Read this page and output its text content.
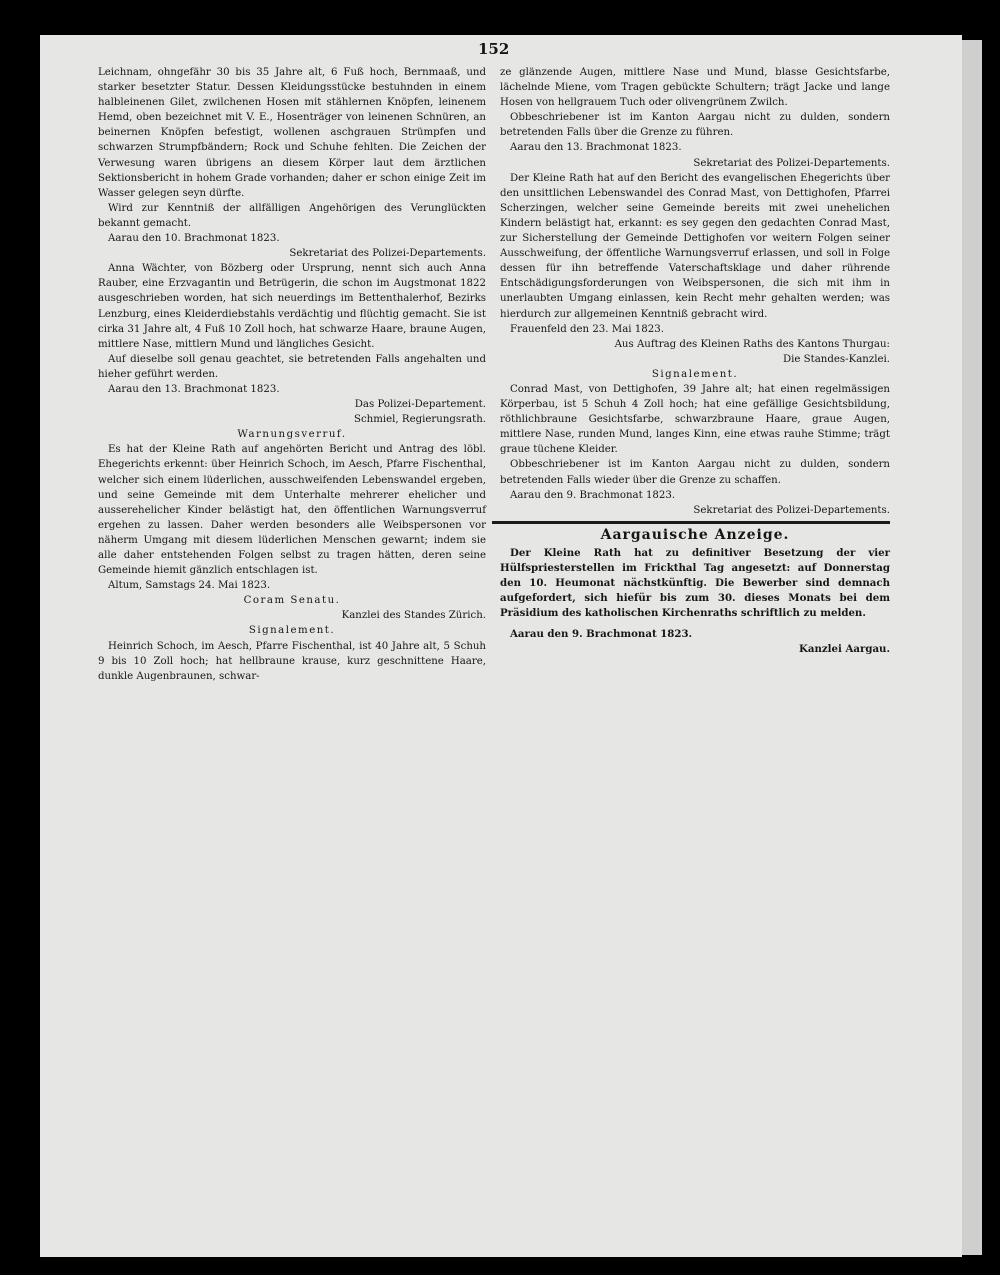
152

Leichnam, ohngefähr 30 bis 35 Jahre alt, 6 Fuß hoch, Bernmaaß, und starker besetzter Statur. Dessen Kleidungsstücke bestuhnden in einem halbleinenen Gilet, zwilchenen Hosen mit stählernen Knöpfen, leinenem Hemd, oben bezeichnet mit V. E., Hosenträger von leinenen Schnüren, an beinernen Knöpfen befestigt, wollenen aschgrauen Strümpfen und schwarzen Strumpfbändern; Rock und Schuhe fehlten. Die Zeichen der Verwesung waren übrigens an diesem Körper laut dem ärztlichen Sektionsbericht in hohem Grade vorhanden; daher er schon einige Zeit im Wasser gelegen seyn dürfte.

Wird zur Kenntniß der allfälligen Angehörigen des Verunglückten bekannt gemacht.

Aarau den 10. Brachmonat 1823.

Sekretariat des Polizei-Departements.

Anna Wächter, von Bözberg oder Ursprung, nennt sich auch Anna Rauber, eine Erzvagantin und Betrügerin, die schon im Augstmonat 1822 ausgeschrieben worden, hat sich neuerdings im Bettenthalerhof, Bezirks Lenzburg, eines Kleiderdiebstahls verdächtig und flüchtig gemacht. Sie ist cirka 31 Jahre alt, 4 Fuß 10 Zoll hoch, hat schwarze Haare, braune Augen, mittlere Nase, mittlern Mund und längliches Gesicht.

Auf dieselbe soll genau geachtet, sie betretenden Falls angehalten und hieher geführt werden.

Aarau den 13. Brachmonat 1823.

Das Polizei-Departement.

Schmiel, Regierungsrath.

Warnungsverruf.

Es hat der Kleine Rath auf angehörten Bericht und Antrag des löbl. Ehegerichts erkennt: über Heinrich Schoch, im Aesch, Pfarre Fischenthal, welcher sich einem lüderlichen, ausschweifenden Lebenswandel ergeben, und seine Gemeinde mit dem Unterhalte mehrerer ehelicher und ausserehelicher Kinder belästigt hat, den öffentlichen Warnungsverruf ergehen zu lassen. Daher werden besonders alle Weibspersonen vor näherm Umgang mit diesem lüderlichen Menschen gewarnt; indem sie alle daher entstehenden Folgen selbst zu tragen hätten, deren seine Gemeinde hiemit gänzlich entschlagen ist.

Altum, Samstags 24. Mai 1823.

Coram Senatu.

Kanzlei des Standes Zürich.

Signalement.

Heinrich Schoch, im Aesch, Pfarre Fischenthal, ist 40 Jahre alt, 5 Schuh 9 bis 10 Zoll hoch; hat hellbraune krause, kurz geschnittene Haare, dunkle Augenbraunen, schwar-

ze glänzende Augen, mittlere Nase und Mund, blasse Gesichtsfarbe, lächelnde Miene, vom Tragen gebückte Schultern; trägt Jacke und lange Hosen von hellgrauem Tuch oder olivengrünem Zwilch.

Obbeschriebener ist im Kanton Aargau nicht zu dulden, sondern betretenden Falls über die Grenze zu führen.

Aarau den 13. Brachmonat 1823.

Sekretariat des Polizei-Departements.

Der Kleine Rath hat auf den Bericht des evangelischen Ehegerichts über den unsittlichen Lebenswandel des Conrad Mast, von Dettighofen, Pfarrei Scherzingen, welcher seine Gemeinde bereits mit zwei unehelichen Kindern belästigt hat, erkannt: es sey gegen den gedachten Conrad Mast, zur Sicherstellung der Gemeinde Dettighofen vor weitern Folgen seiner Ausschweifung, der öffentliche Warnungsverruf erlassen, und soll in Folge dessen für ihn betreffende Vaterschaftsklage und daher rührende Entschädigungsforderungen von Weibspersonen, die sich mit ihm in unerlaubten Umgang einlassen, kein Recht mehr gehalten werden; was hierdurch zur allgemeinen Kenntniß gebracht wird.

Frauenfeld den 23. Mai 1823.

Aus Auftrag des Kleinen Raths des Kantons Thurgau:

Die Standes-Kanzlei.

Signalement.

Conrad Mast, von Dettighofen, 39 Jahre alt; hat einen regelmässigen Körperbau, ist 5 Schuh 4 Zoll hoch; hat eine gefällige Gesichtsbildung, röthlichbraune Gesichtsfarbe, schwarzbraune Haare, graue Augen, mittlere Nase, runden Mund, langes Kinn, eine etwas rauhe Stimme; trägt graue tüchene Kleider.

Obbeschriebener ist im Kanton Aargau nicht zu dulden, sondern betretenden Falls wieder über die Grenze zu schaffen.

Aarau den 9. Brachmonat 1823.

Sekretariat des Polizei-Departements.

Aargauische Anzeige.

Der Kleine Rath hat zu definitiver Besetzung der vier Hülfspriesterstellen im Frickthal Tag angesetzt: auf Donnerstag den 10. Heumonat nächstkünftig. Die Bewerber sind demnach aufgefordert, sich hiefür bis zum 30. dieses Monats bei dem Präsidium des katholischen Kirchenraths schriftlich zu melden.

Aarau den 9. Brachmonat 1823.

Kanzlei Aargau.
